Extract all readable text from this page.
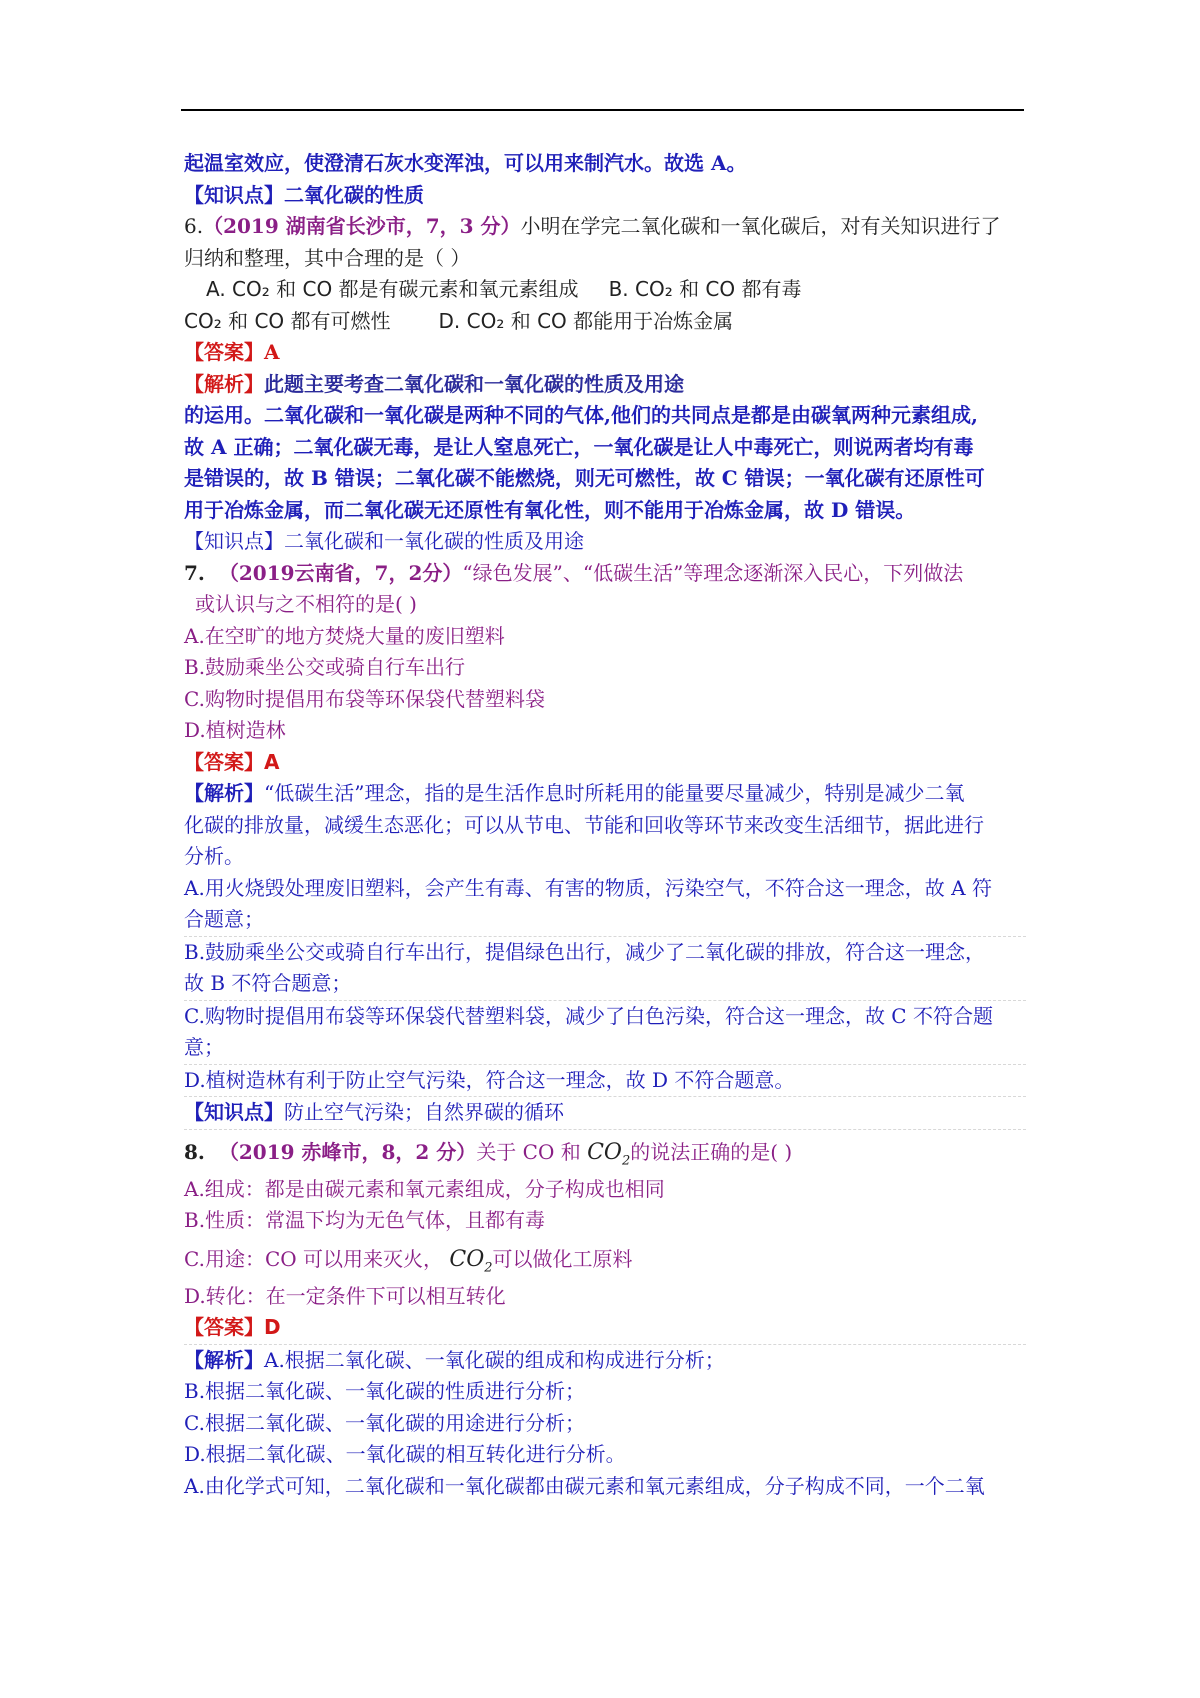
起温室效应，使澄清石灰水变浑浊，可以用来制汽水。故选 A。
【知识点】二氧化碳的性质
6.（2019 湖南省长沙市，7，3 分）小明在学完二氧化碳和一氧化碳后，对有关知识进行了
归纳和整理，其中合理的是（ ）
A. CO₂ 和 CO 都是有碳元素和氧元素组成 B. CO₂ 和 CO 都有毒
CO₂ 和 CO 都有可燃性 D. CO₂ 和 CO 都能用于冶炼金属
【答案】A
【解析】此题主要考查二氧化碳和一氧化碳的性质及用途
的运用。二氧化碳和一氧化碳是两种不同的气体,他们的共同点是都是由碳氧两种元素组成,
故 A 正确；二氧化碳无毒，是让人窒息死亡，一氧化碳是让人中毒死亡，则说两者均有毒
是错误的，故 B 错误；二氧化碳不能燃烧，则无可燃性，故 C 错误；一氧化碳有还原性可
用于冶炼金属，而二氧化碳无还原性有氧化性，则不能用于冶炼金属，故 D 错误。
【知识点】二氧化碳和一氧化碳的性质及用途
7. （2019云南省，7，2分）“绿色发展”、“低碳生活”等理念逐渐深入民心，下列做法
或认识与之不相符的是( )
A.在空旷的地方焚烧大量的废旧塑料
B.鼓励乘坐公交或骑自行车出行
C.购物时提倡用布袋等环保袋代替塑料袋
D.植树造林
【答案】A
【解析】“低碳生活”理念，指的是生活作息时所耗用的能量要尽量减少，特别是减少二氧
化碳的排放量，减缓生态恶化；可以从节电、节能和回收等环节来改变生活细节，据此进行
分析。
A.用火烧毁处理废旧塑料，会产生有毒、有害的物质，污染空气，不符合这一理念，故 A 符
合题意；
B.鼓励乘坐公交或骑自行车出行，提倡绿色出行，减少了二氧化碳的排放，符合这一理念，
故 B 不符合题意；
C.购物时提倡用布袋等环保袋代替塑料袋，减少了白色污染，符合这一理念，故 C 不符合题
意；
D.植树造林有利于防止空气污染，符合这一理念，故 D 不符合题意。
【知识点】防止空气污染；自然界碳的循环
8. （2019 赤峰市，8，2 分）关于 CO 和 $CO_2$的说法正确的是( )
A.组成：都是由碳元素和氧元素组成，分子构成也相同
B.性质：常温下均为无色气体，且都有毒
C.用途：CO 可以用来灭火， $CO_2$可以做化工原料
D.转化：在一定条件下可以相互转化
【答案】D
【解析】A.根据二氧化碳、一氧化碳的组成和构成进行分析；
B.根据二氧化碳、一氧化碳的性质进行分析；
C.根据二氧化碳、一氧化碳的用途进行分析；
D.根据二氧化碳、一氧化碳的相互转化进行分析。
A.由化学式可知，二氧化碳和一氧化碳都由碳元素和氧元素组成，分子构成不同，一个二氧
